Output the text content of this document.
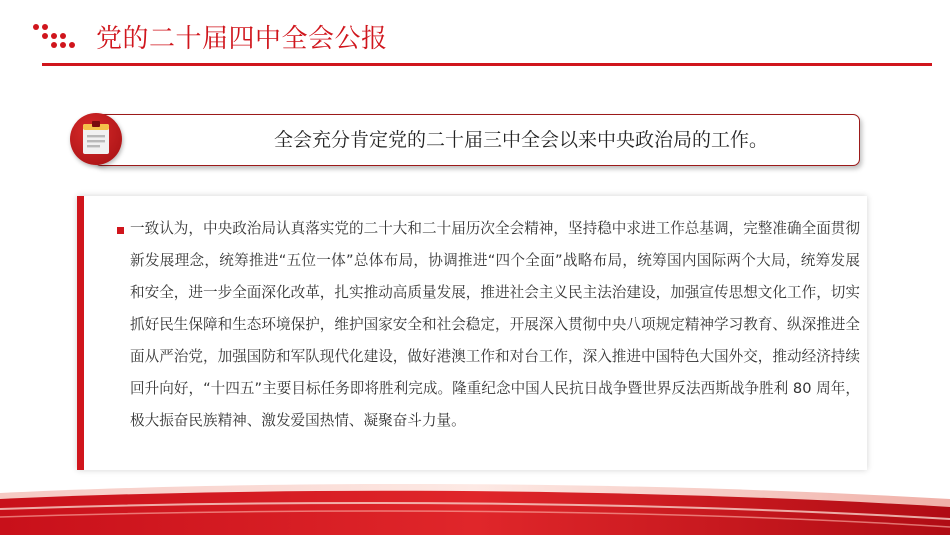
党的二十届四中全会公报
全会充分肯定党的二十届三中全会以来中央政治局的工作。

一致认为，中央政治局认真落实党的二十大和二十届历次全会精神，坚持稳中求进工作总基调，完整准确全面贯彻新发展理念，统筹推进“五位一体”总体布局，协调推进“四个全面”战略布局，统筹国内国际两个大局，统筹发展和安全，进一步全面深化改革，扎实推动高质量发展，推进社会主义民主法治建设，加强宣传思想文化工作，切实抓好民生保障和生态环境保护，维护国家安全和社会稳定，开展深入贯彻中央八项规定精神学习教育、纵深推进全面从严治党，加强国防和军队现代化建设，做好港澳工作和对台工作，深入推进中国特色大国外交，推动经济持续回升向好，“十四五”主要目标任务即将胜利完成。隆重纪念中国人民抗日战争暨世界反法西斯战争胜利 80 周年，极大振奋民族精神、激发爱国热情、凝聚奋斗力量。
